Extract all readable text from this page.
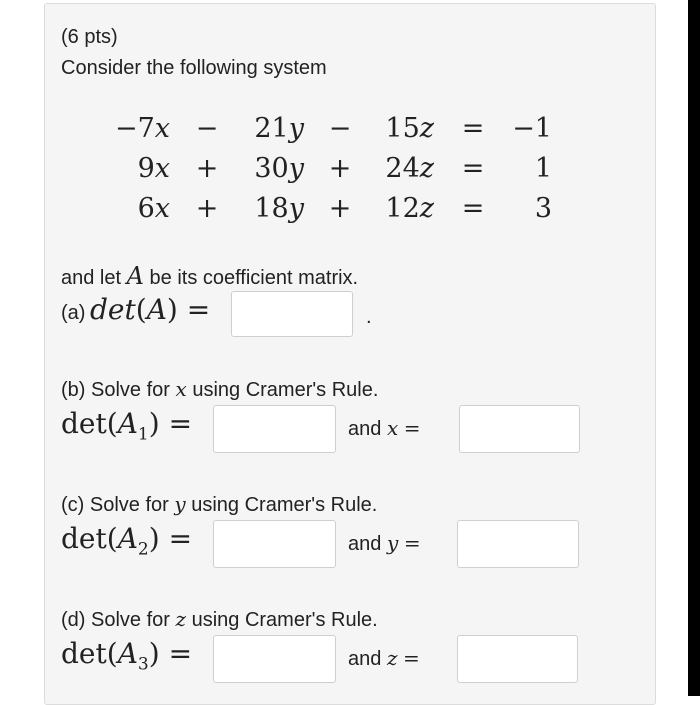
(6 pts)
Consider the following system
−7x −	21y −	15z =	−1
9x +	30y +	24z =	1
6x +	18y +	12z =	3
and let A be its coefficient matrix.
(a) det(A) =	.
(b) Solve for x using Cramer's Rule.
$\det(A_1)$ =	and x =
(c) Solve for y using Cramer's Rule.
$\det(A_2)$ =	and y =
(d) Solve for z using Cramer's Rule.
$\det(A_3)$ =	and z =
